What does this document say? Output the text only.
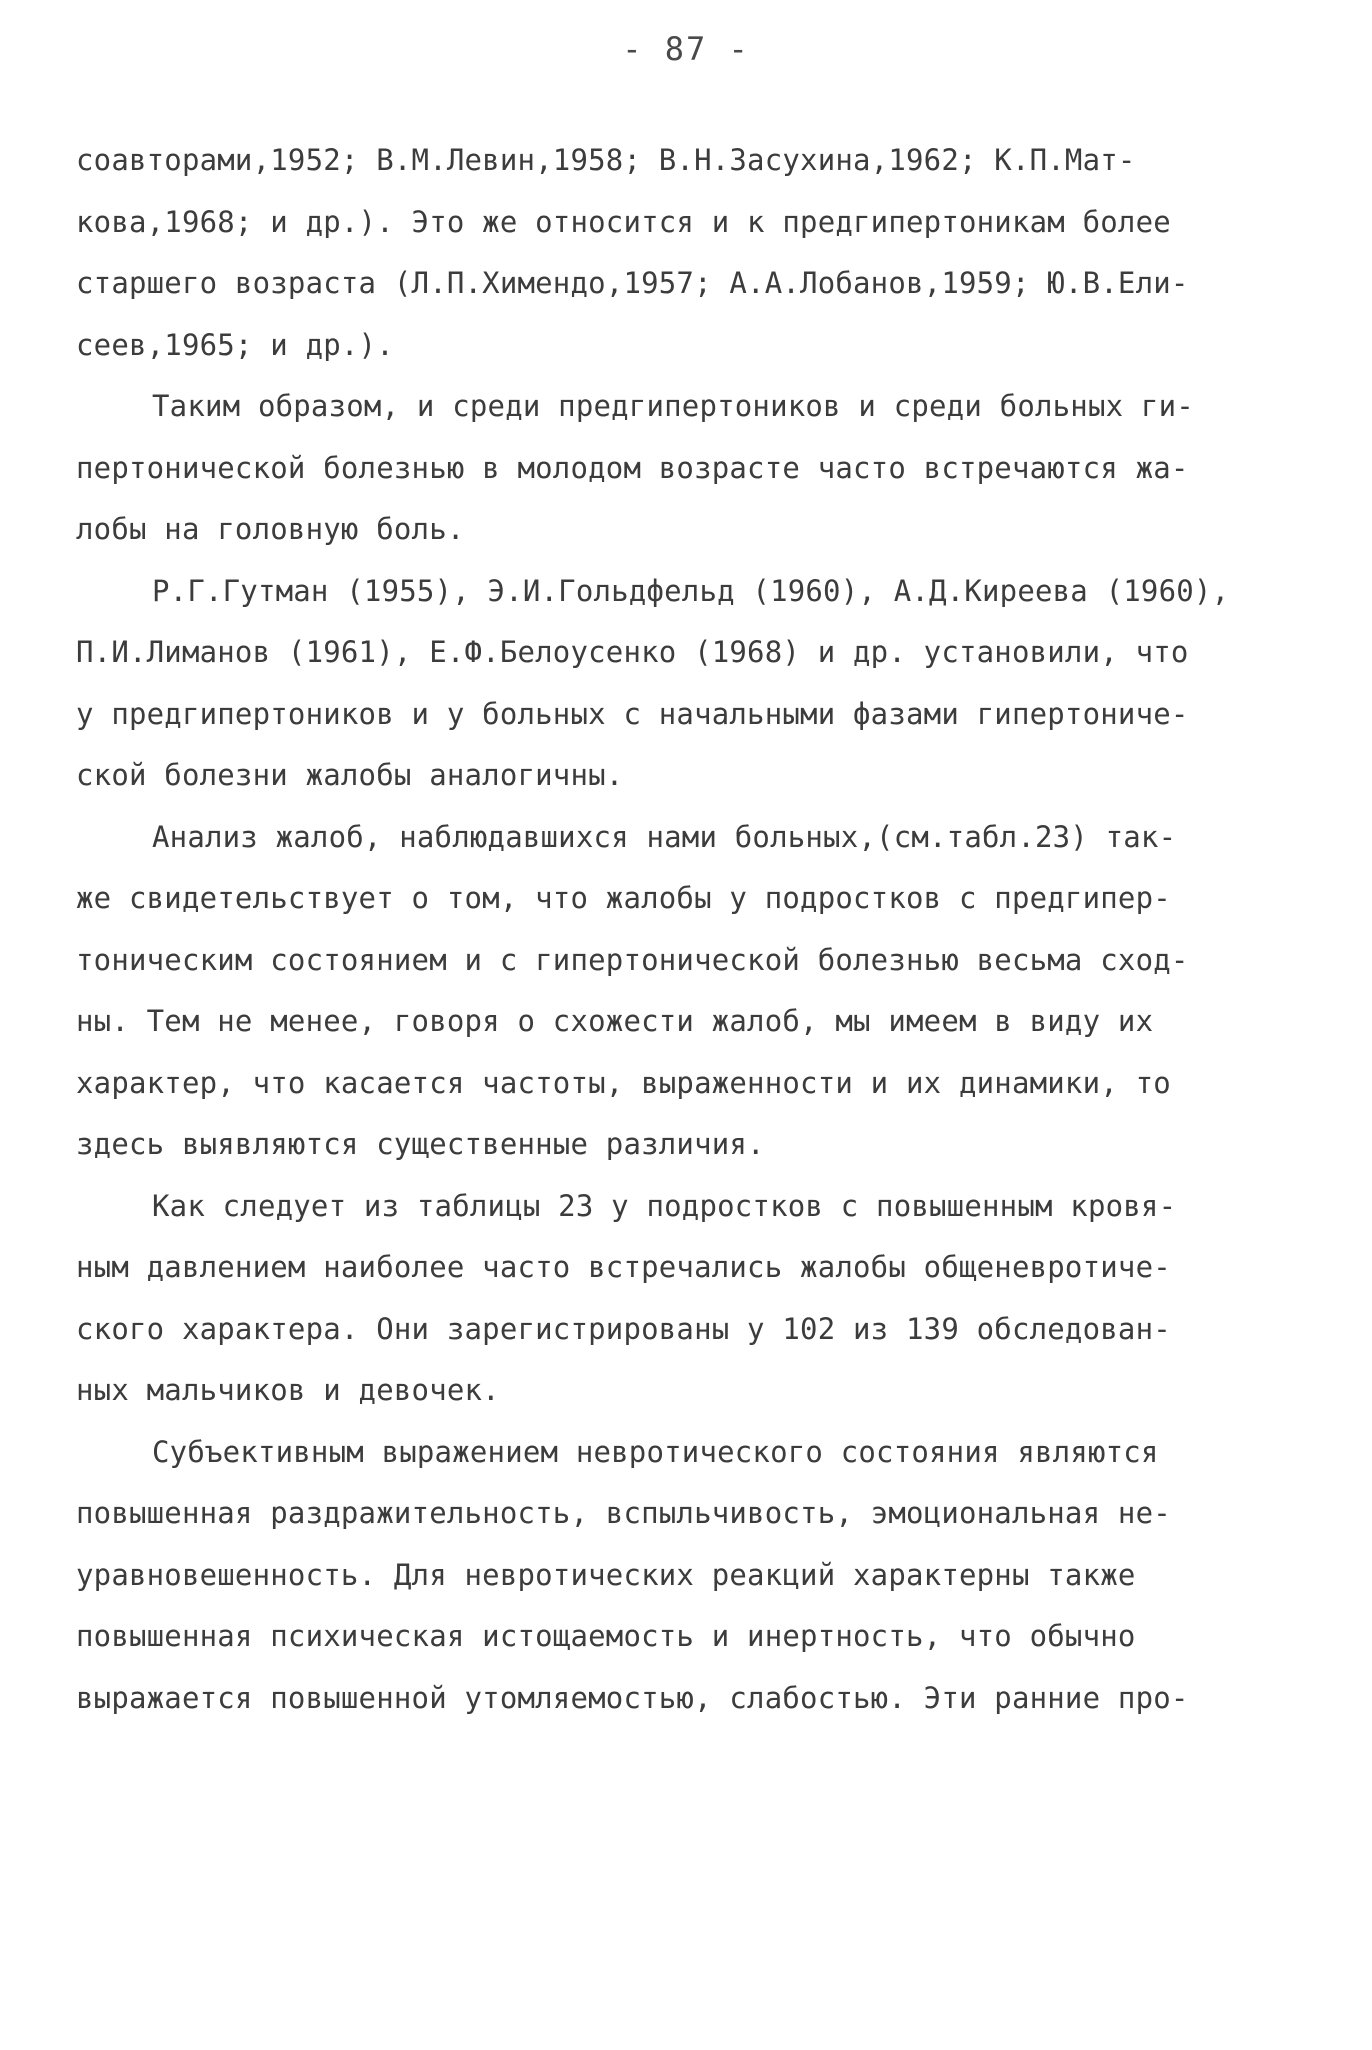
- 87 -
соавторами,1952; В.М.Левин,1958; В.Н.Засухина,1962; К.П.Мат-
кова,1968; и др.). Это же относится и к предгипертоникам более
старшего возраста (Л.П.Химендо,1957; А.А.Лобанов,1959; Ю.В.Ели-
сеев,1965; и др.).
Таким образом, и среди предгипертоников и среди больных ги-
пертонической болезнью в молодом возрасте часто встречаются жа-
лобы на головную боль.
Р.Г.Гутман (1955), Э.И.Гольдфельд (1960), А.Д.Киреева (1960),
П.И.Лиманов (1961), Е.Ф.Белоусенко (1968) и др. установили, что
у предгипертоников и у больных с начальными фазами гипертониче-
ской болезни жалобы аналогичны.
Анализ жалоб, наблюдавшихся нами больных,(см.табл.23) так-
же свидетельствует о том, что жалобы у подростков с предгипер-
тоническим состоянием и с гипертонической болезнью весьма сход-
ны. Тем не менее, говоря о схожести жалоб, мы имеем в виду их
характер, что касается частоты, выраженности и их динамики, то
здесь выявляются существенные различия.
Как следует из таблицы 23 у подростков с повышенным кровя-
ным давлением наиболее часто встречались жалобы общеневротиче-
ского характера. Они зарегистрированы у 102 из 139 обследован-
ных мальчиков и девочек.
Субъективным выражением невротического состояния являются
повышенная раздражительность, вспыльчивость, эмоциональная не-
уравновешенность. Для невротических реакций характерны также
повышенная психическая истощаемость и инертность, что обычно
выражается повышенной утомляемостью, слабостью. Эти ранние про-
